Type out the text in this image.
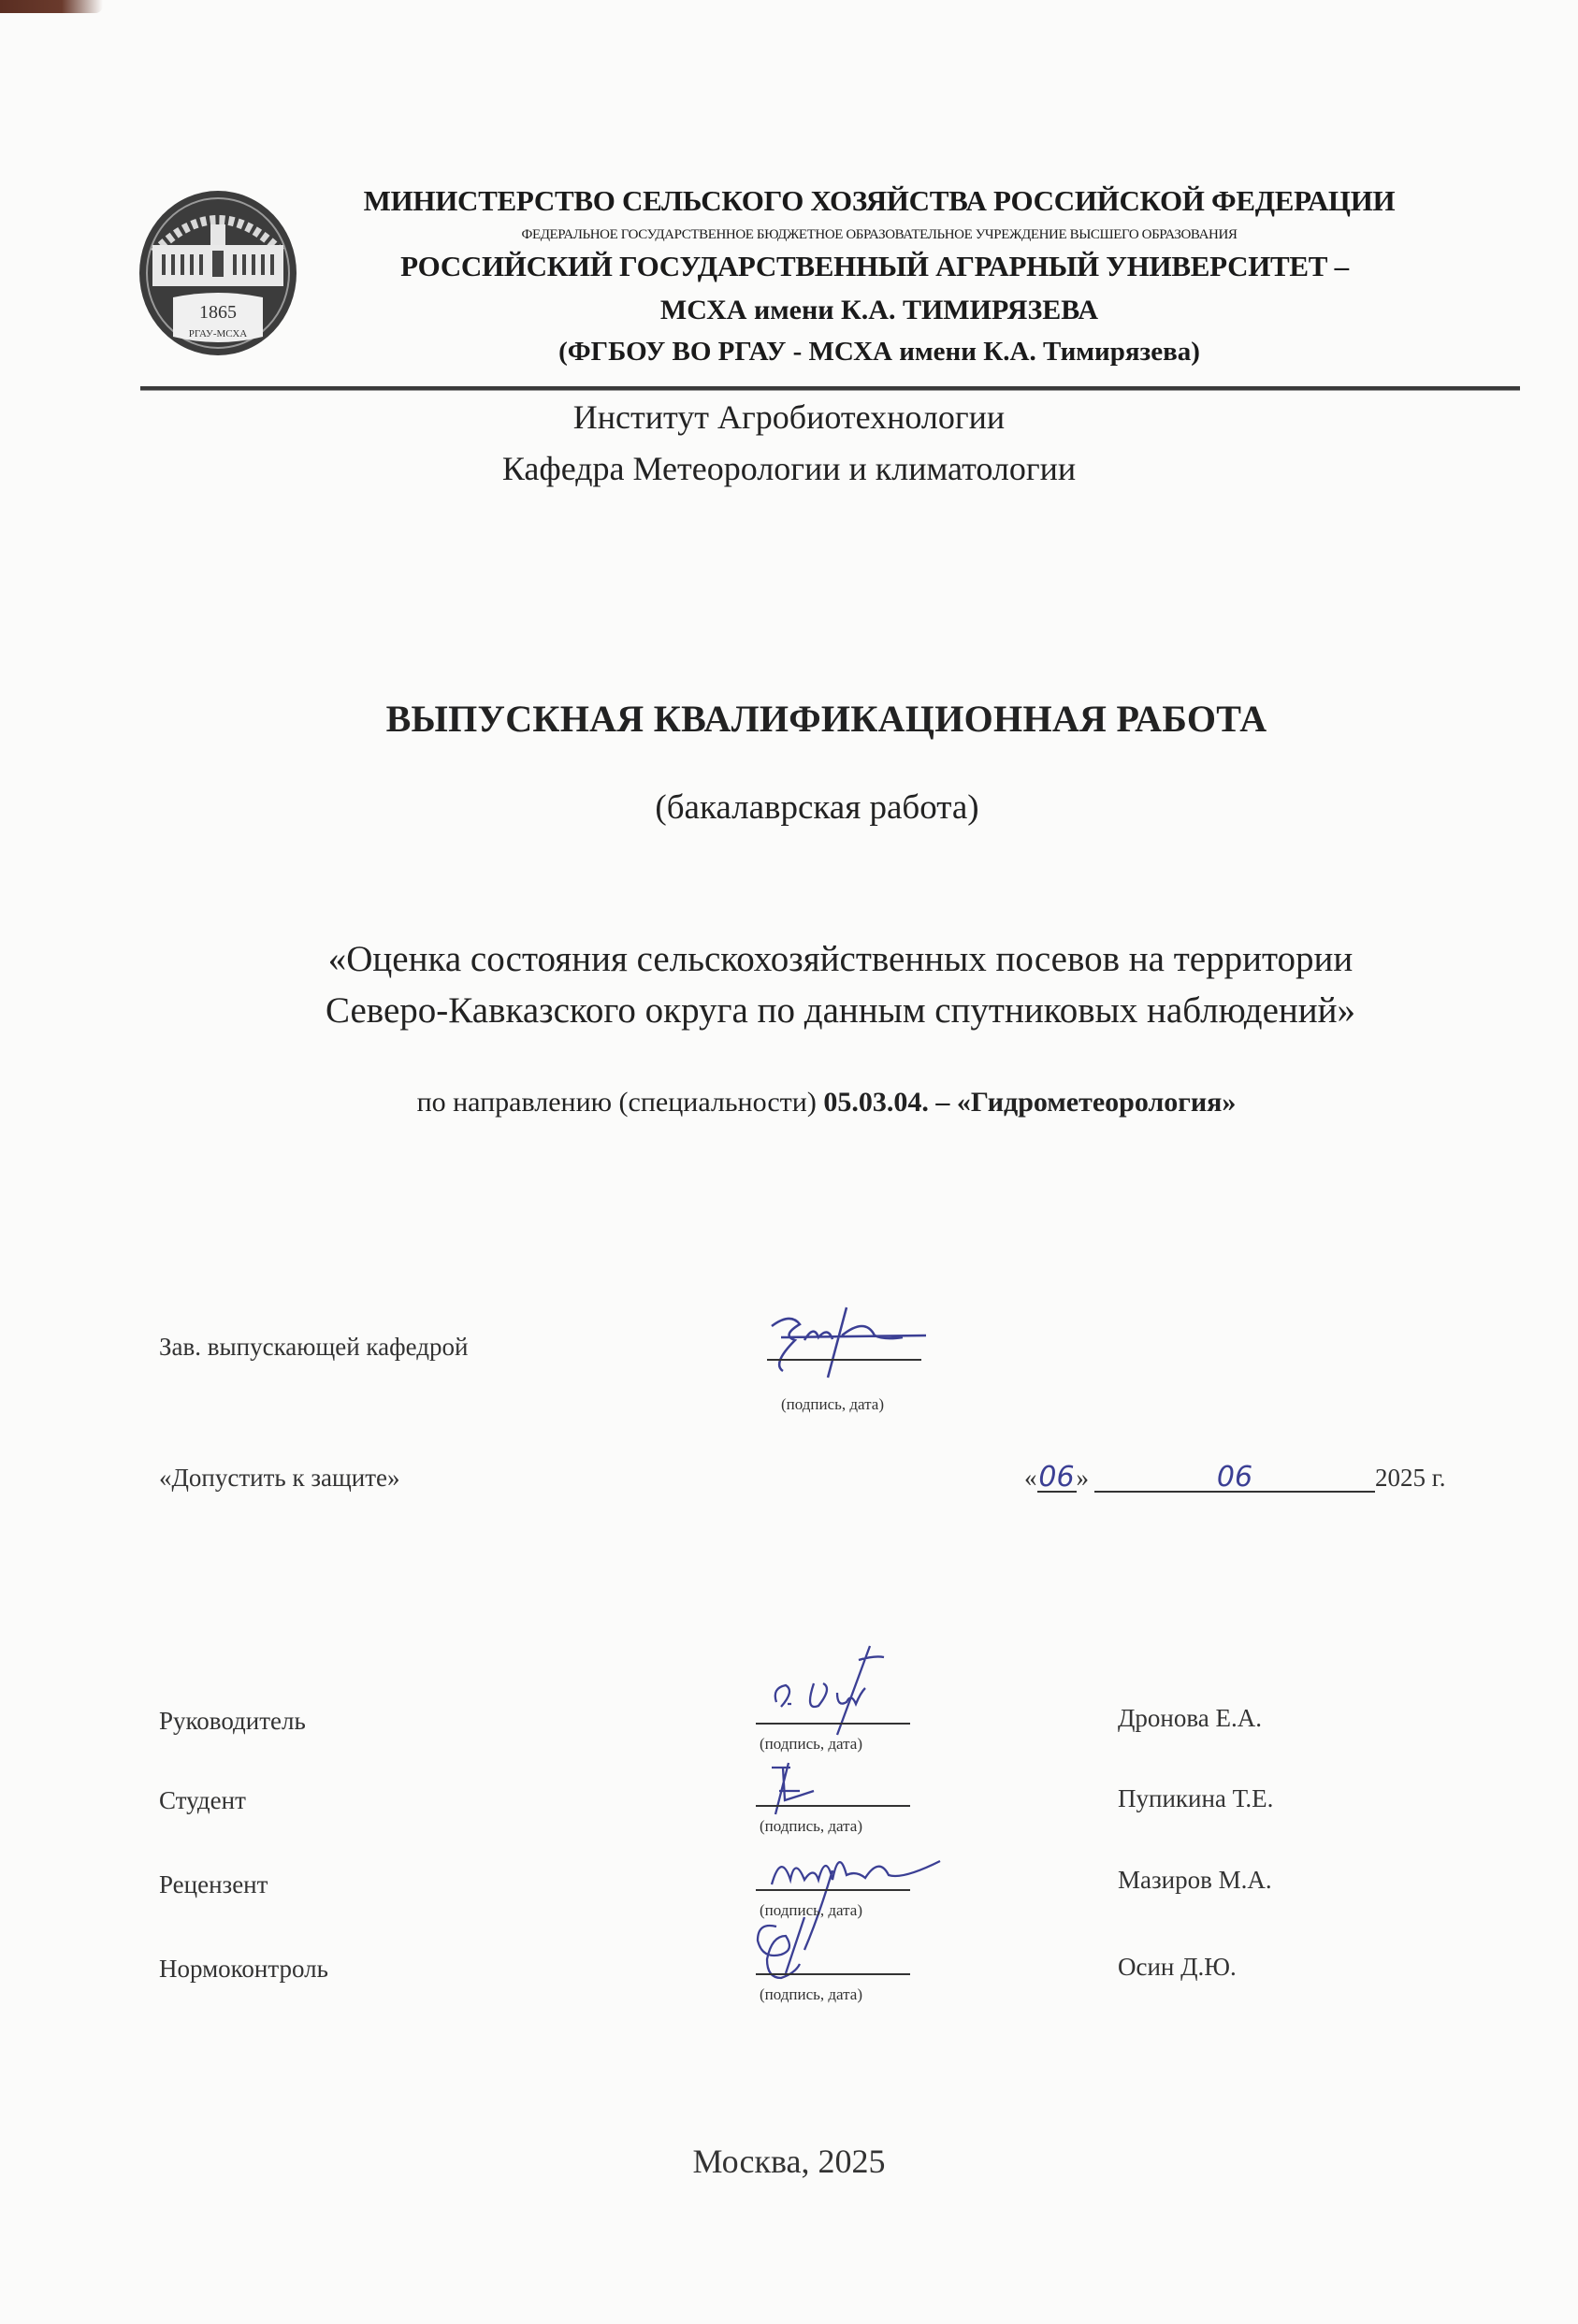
1865
РГАУ-МСХА
МИНИСТЕРСТВО СЕЛЬСКОГО ХОЗЯЙСТВА РОССИЙСКОЙ ФЕДЕРАЦИИ
ФЕДЕРАЛЬНОЕ ГОСУДАРСТВЕННОЕ БЮДЖЕТНОЕ ОБРАЗОВАТЕЛЬНОЕ УЧРЕЖДЕНИЕ ВЫСШЕГО ОБРАЗОВАНИЯ
РОССИЙСКИЙ ГОСУДАРСТВЕННЫЙ АГРАРНЫЙ УНИВЕРСИТЕТ –
МСХА имени К.А. ТИМИРЯЗЕВА
(ФГБОУ ВО РГАУ - МСХА имени К.А. Тимирязева)
Институт Агробиотехнологии
Кафедра Метеорологии и климатологии
ВЫПУСКНАЯ КВАЛИФИКАЦИОННАЯ РАБОТА
(бакалаврская работа)
«Оценка состояния сельскохозяйственных посевов на территории
Северо-Кавказского округа по данным спутниковых наблюдений»
по направлению (специальности) 05.03.04. – «Гидрометеорология»
Зав. выпускающей кафедрой
(подпись, дата)
«Допустить к защите»	«06»	06	2025 г.
Руководитель
(подпись, дата)
Дронова Е.А.
Студент
(подпись, дата)
Пупикина Т.Е.
Рецензент
(подпись, дата)
Мазиров М.А.
Нормоконтроль
(подпись, дата)
Осин Д.Ю.
Москва, 2025
